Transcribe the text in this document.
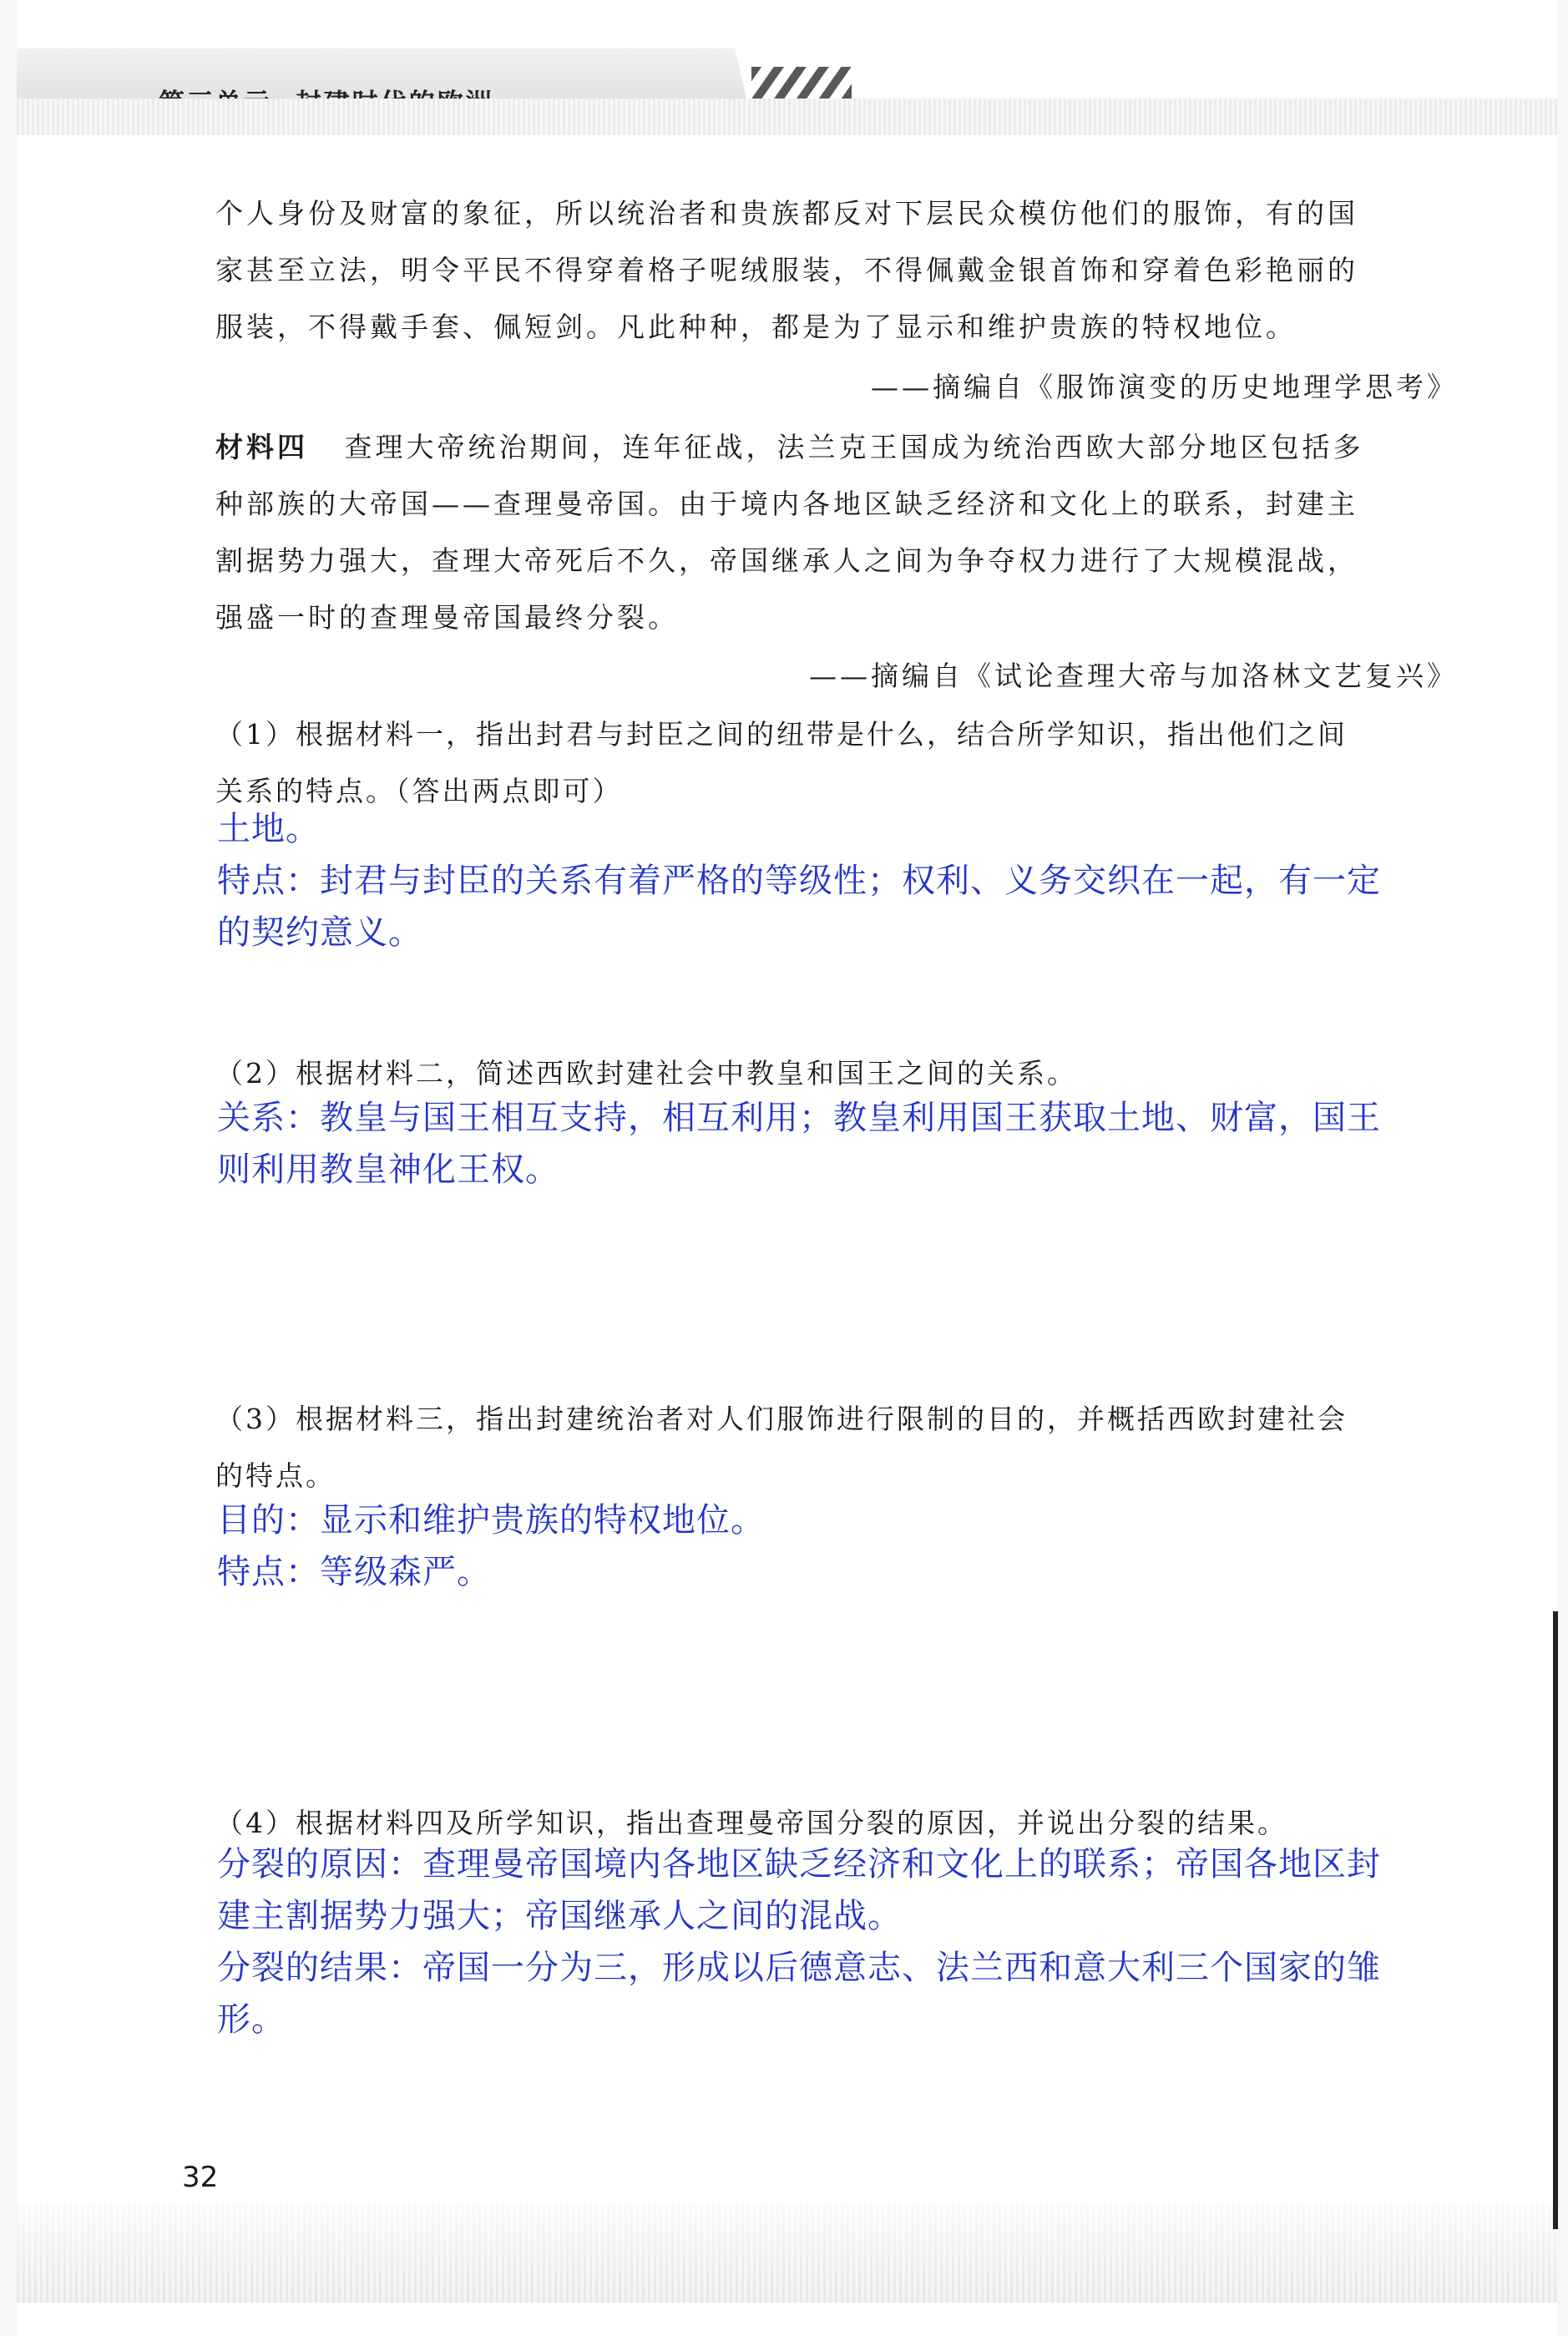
个人身份及财富的象征，所以统治者和贵族都反对下层民众模仿他们的服饰，有的国
家甚至立法，明令平民不得穿着格子呢绒服装，不得佩戴金银首饰和穿着色彩艳丽的
服装，不得戴手套、佩短剑。凡此种种，都是为了显示和维护贵族的特权地位。
——摘编自《服饰演变的历史地理学思考》
材料四 查理大帝统治期间，连年征战，法兰克王国成为统治西欧大部分地区包括多
种部族的大帝国——查理曼帝国。由于境内各地区缺乏经济和文化上的联系，封建主
割据势力强大，查理大帝死后不久，帝国继承人之间为争夺权力进行了大规模混战，
强盛一时的查理曼帝国最终分裂。
——摘编自《试论查理大帝与加洛林文艺复兴》
（1）根据材料一，指出封君与封臣之间的纽带是什么，结合所学知识，指出他们之间
关系的特点。（答出两点即可）
土地。
特点：封君与封臣的关系有着严格的等级性；权利、义务交织在一起，有一定
的契约意义。
（2）根据材料二，简述西欧封建社会中教皇和国王之间的关系。
关系：教皇与国王相互支持，相互利用；教皇利用国王获取土地、财富，国王
则利用教皇神化王权。
（3）根据材料三，指出封建统治者对人们服饰进行限制的目的，并概括西欧封建社会
的特点。
目的：显示和维护贵族的特权地位。
特点：等级森严。
（4）根据材料四及所学知识，指出查理曼帝国分裂的原因，并说出分裂的结果。
分裂的原因：查理曼帝国境内各地区缺乏经济和文化上的联系；帝国各地区封
建主割据势力强大；帝国继承人之间的混战。
分裂的结果：帝国一分为三，形成以后德意志、法兰西和意大利三个国家的雏
形。
32
